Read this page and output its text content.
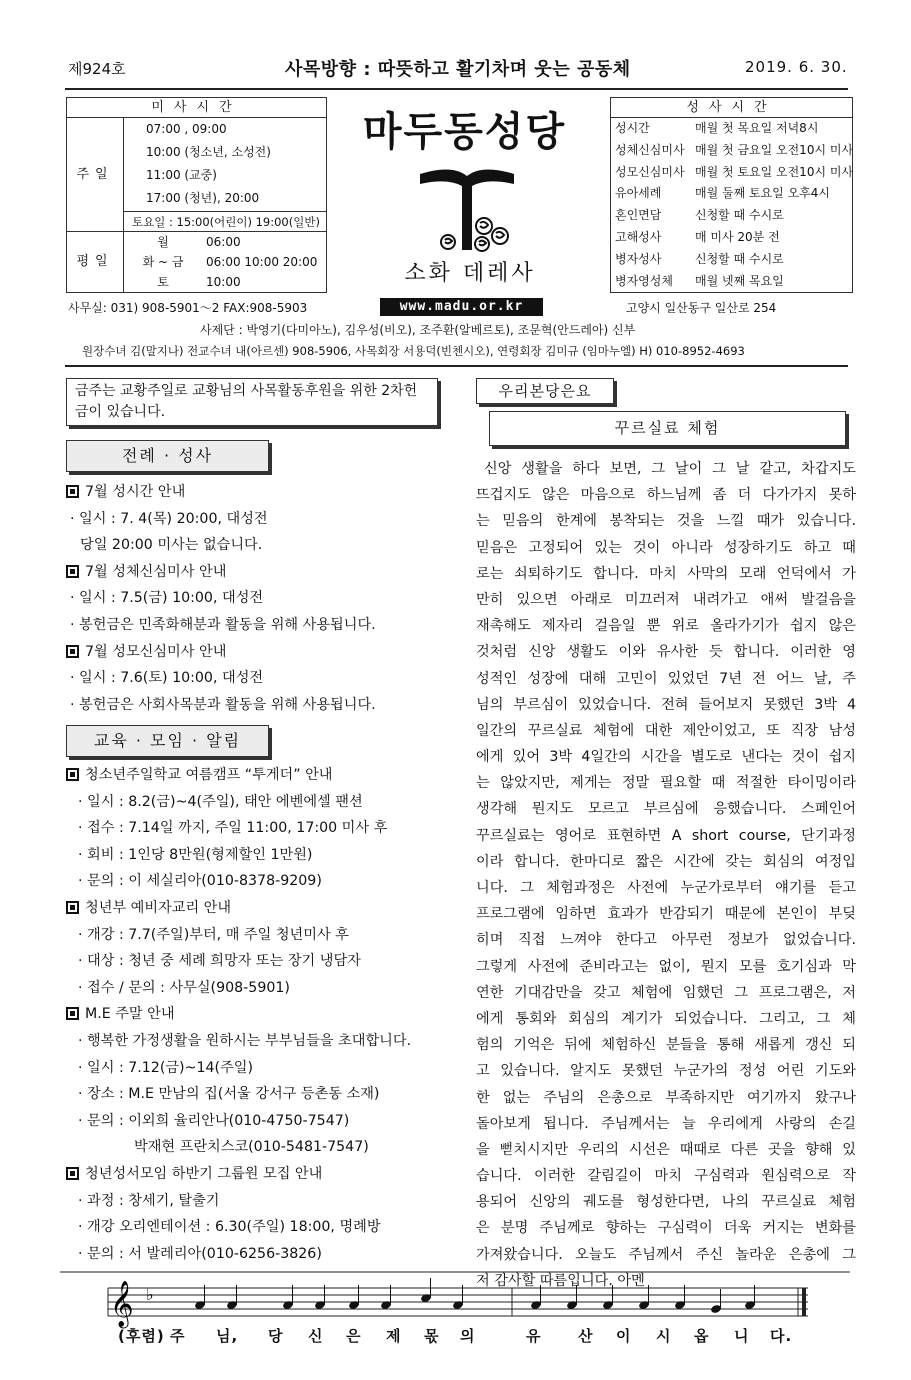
제924호	사목방향 : 따뜻하고 활기차며 웃는 공동체	2019. 6. 30.
미사시간
주일
07:00 , 09:00
10:00 (청소년, 소성전)
11:00 (교중)
17:00 (청년), 20:00
토요일 : 15:00(어린이) 19:00(일반)
평일
월	06:00
화 ~ 금	06:00 10:00 20:00
토	10:00
마두동성당
소화 데레사
성사시간
성시간	매월 첫 목요일 저녁8시
성체신심미사 매월 첫 금요일 오전10시 미사
성모신심미사 매월 첫 토요일 오전10시 미사
유아세례	매월 둘째 토요일 오후4시
혼인면담	신청할 때 수시로
고해성사	매 미사 20분 전
병자성사	신청할 때 수시로
병자영성체 매월 넷째 목요일
사무실: 031) 908-5901～2 FAX:908-5903	www.madu.or.kr	고양시 일산동구 일산로 254
사제단 : 박영기(다미아노), 김우성(비오), 조주환(알베르토), 조문혁(안드레아) 신부
원장수녀 김(말지나) 전교수녀 내(아르센) 908-5906, 사목회장 서용덕(빈첸시오), 연령회장 김미규 (임마누엘) H) 010-8952-4693
금주는 교황주일로 교황님의 사목활동후원을 위한 2차헌금이 있습니다.
전례 · 성사
7월 성시간 안내
· 일시 : 7. 4(목) 20:00, 대성전
당일 20:00 미사는 없습니다.
7월 성체신심미사 안내
· 일시 : 7.5(금) 10:00, 대성전
· 봉헌금은 민족화해분과 활동을 위해 사용됩니다.
7월 성모신심미사 안내
· 일시 : 7.6(토) 10:00, 대성전
· 봉헌금은 사회사목분과 활동을 위해 사용됩니다.
교육 · 모임 · 알림
청소년주일학교 여름캠프 “투게더” 안내
· 일시 : 8.2(금)~4(주일), 태안 에벤에셀 팬션
· 접수 : 7.14일 까지, 주일 11:00, 17:00 미사 후
· 회비 : 1인당 8만원(형제할인 1만원)
· 문의 : 이 세실리아(010-8378-9209)
청년부 예비자교리 안내
· 개강 : 7.7(주일)부터, 매 주일 청년미사 후
· 대상 : 청년 중 세례 희망자 또는 장기 냉담자
· 접수 / 문의 : 사무실(908-5901)
M.E 주말 안내
· 행복한 가정생활을 원하시는 부부님들을 초대합니다.
· 일시 : 7.12(금)~14(주일)
· 장소 : M.E 만남의 집(서울 강서구 등촌동 소재)
· 문의 : 이외희 율리안나(010-4750-7547)
박재현 프란치스코(010-5481-7547)
청년성서모임 하반기 그룹원 모집 안내
· 과정 : 창세기, 탈출기
· 개강 오리엔테이션 : 6.30(주일) 18:00, 명례방
· 문의 : 서 발레리아(010-6256-3826)
우리본당은요
꾸르실료 체험
신앙 생활을 하다 보면, 그 날이 그 날 같고, 차갑지도
뜨겁지도 않은 마음으로 하느님께 좀 더 다가가지 못하
는 믿음의 한계에 봉착되는 것을 느낄 때가 있습니다.
믿음은 고정되어 있는 것이 아니라 성장하기도 하고 때
로는 쇠퇴하기도 합니다. 마치 사막의 모래 언덕에서 가
만히 있으면 아래로 미끄러져 내려가고 애써 발걸음을
재촉해도 제자리 걸음일 뿐 위로 올라가기가 쉽지 않은
것처럼 신앙 생활도 이와 유사한 듯 합니다. 이러한 영
성적인 성장에 대해 고민이 있었던 7년 전 어느 날, 주
님의 부르심이 있었습니다. 전혀 들어보지 못했던 3박 4
일간의 꾸르실료 체험에 대한 제안이었고, 또 직장 남성
에게 있어 3박 4일간의 시간을 별도로 낸다는 것이 쉽지
는 않았지만, 제게는 정말 필요할 때 적절한 타이밍이라
생각해 뭔지도 모르고 부르심에 응했습니다. 스페인어
꾸르실료는 영어로 표현하면 A short course, 단기과정
이라 합니다. 한마디로 짧은 시간에 갖는 회심의 여정입
니다. 그 체험과정은 사전에 누군가로부터 얘기를 듣고
프로그램에 임하면 효과가 반감되기 때문에 본인이 부딪
히며 직접 느껴야 한다고 아무런 정보가 없었습니다.
그렇게 사전에 준비라고는 없이, 뭔지 모를 호기심과 막
연한 기대감만을 갖고 체험에 임했던 그 프로그램은, 저
에게 통회와 회심의 계기가 되었습니다. 그리고, 그 체
험의 기억은 뒤에 체험하신 분들을 통해 새롭게 갱신 되
고 있습니다. 알지도 못했던 누군가의 정성 어린 기도와
한 없는 주님의 은총으로 부족하지만 여기까지 왔구나
돌아보게 됩니다. 주님께서는 늘 우리에게 사랑의 손길
을 뻗치시지만 우리의 시선은 때때로 다른 곳을 향해 있
습니다. 이러한 갈림길이 마치 구심력과 원심력으로 작
용되어 신앙의 궤도를 형성한다면, 나의 꾸르실료 체험
은 분명 주님께로 향하는 구심력이 더욱 커지는 변화를
가져왔습니다. 오늘도 주님께서 주신 놀라운 은총에 그
저 감사할 따름입니다. 아멘
𝄞 ♭
(후렴) 주 님, 당 신 은 제 몫 의	유 산 이 시 옵 니 다.
